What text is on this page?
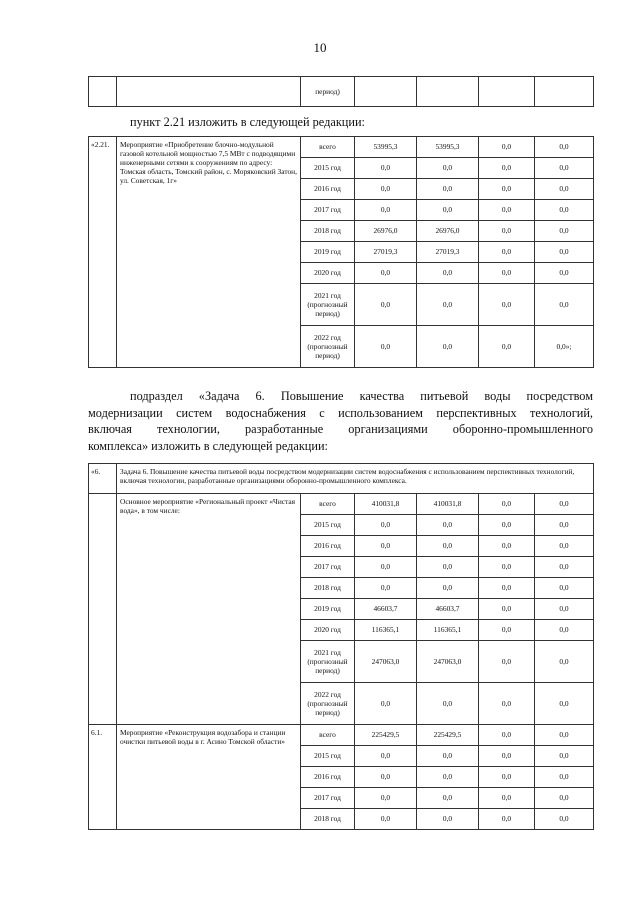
10
		период)				
пункт 2.21 изложить в следующей редакции:
«2.21.	Мероприятие «Приобретение блочно-модульной газовой котельной мощностью 7,5 МВт с подводящими инженерными сетями к сооружениям по адресу: Томская область, Томский район, с. Моряковский Затон, ул. Советская, 1г»	всего	53995,3	53995,3	0,0	0,0
		2015 год	0,0	0,0	0,0	0,0
		2016 год	0,0	0,0	0,0	0,0
		2017 год	0,0	0,0	0,0	0,0
		2018 год	26976,0	26976,0	0,0	0,0
		2019 год	27019,3	27019,3	0,0	0,0
		2020 год	0,0	0,0	0,0	0,0
		2021 год (прогнозный период)	0,0	0,0	0,0	0,0
		2022 год (прогнозный период)	0,0	0,0	0,0	0,0»;
подраздел «Задача 6. Повышение качества питьевой воды посредством
модернизации систем водоснабжения с использованием перспективных технологий,
включая технологии, разработанные организациями оборонно-промышленного
комплекса» изложить в следующей редакции:
«6.	Задача 6. Повышение качества питьевой воды посредством модернизации систем водоснабжения с использованием перспективных технологий, включая технологии, разработанные организациями оборонно-промышленного комплекса.					
	Основное мероприятие «Региональный проект «Чистая вода», в том числе:	всего	410031,8	410031,8	0,0	0,0
		2015 год	0,0	0,0	0,0	0,0
		2016 год	0,0	0,0	0,0	0,0
		2017 год	0,0	0,0	0,0	0,0
		2018 год	0,0	0,0	0,0	0,0
		2019 год	46603,7	46603,7	0,0	0,0
		2020 год	116365,1	116365,1	0,0	0,0
		2021 год (прогнозный период)	247063,0	247063,0	0,0	0,0
		2022 год (прогнозный период)	0,0	0,0	0,0	0,0
6.1.	Мероприятие «Реконструкция водозабора и станции очистки питьевой воды в г. Асино Томской области»	всего	225429,5	225429,5	0,0	0,0
		2015 год	0,0	0,0	0,0	0,0
		2016 год	0,0	0,0	0,0	0,0
		2017 год	0,0	0,0	0,0	0,0
		2018 год	0,0	0,0	0,0	0,0
